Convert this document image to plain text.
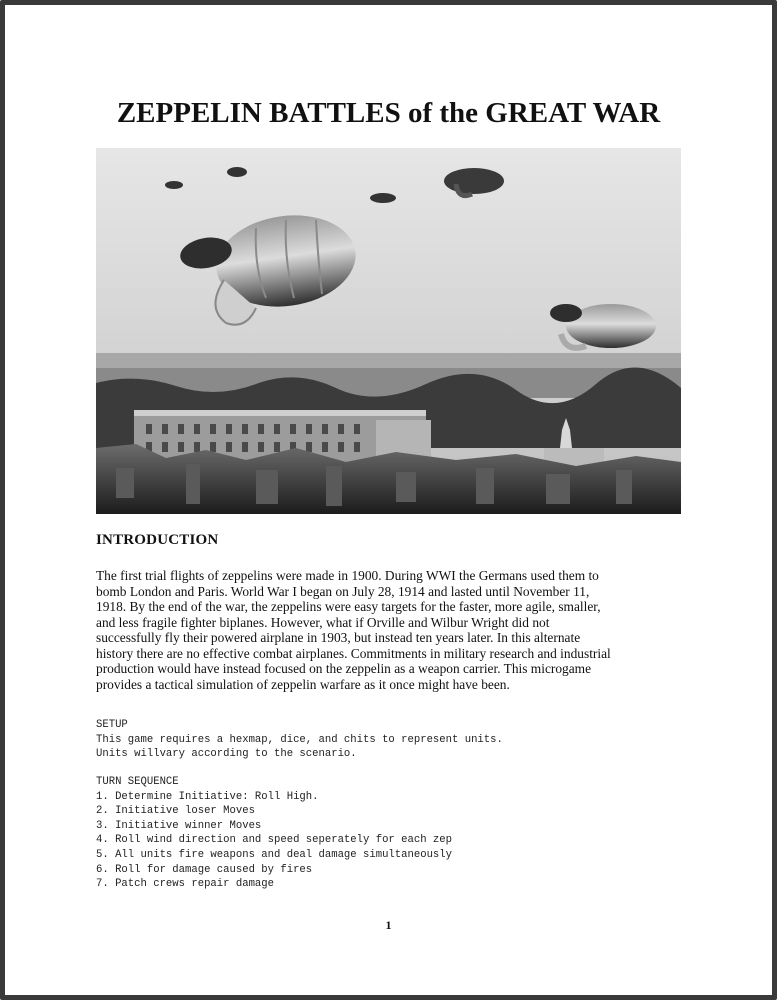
ZEPPELIN BATTLES of the GREAT WAR
INTRODUCTION

The first trial flights of zeppelins were made in 1900. During WWI the Germans used them to
bomb London and Paris. World War I began on July 28, 1914 and lasted until November 11,
1918. By the end of the war, the zeppelins were easy targets for the faster, more agile, smaller,
and less fragile fighter biplanes. However, what if Orville and Wilbur Wright did not
successfully fly their powered airplane in 1903, but instead ten years later. In this alternate
history there are no effective combat airplanes. Commitments in military research and industrial
production would have instead focused on the zeppelin as a weapon carrier. This microgame
provides a tactical simulation of zeppelin warfare as it once might have been.

SETUP
This game requires a hexmap, dice, and chits to represent units.
Units willvary according to the scenario.
TURN SEQUENCE
1. Determine Initiative: Roll High.
2. Initiative loser Moves
3. Initiative winner Moves
4. Roll wind direction and speed seperately for each zep
5. All units fire weapons and deal damage simultaneously
6. Roll for damage caused by fires
7. Patch crews repair damage
1
